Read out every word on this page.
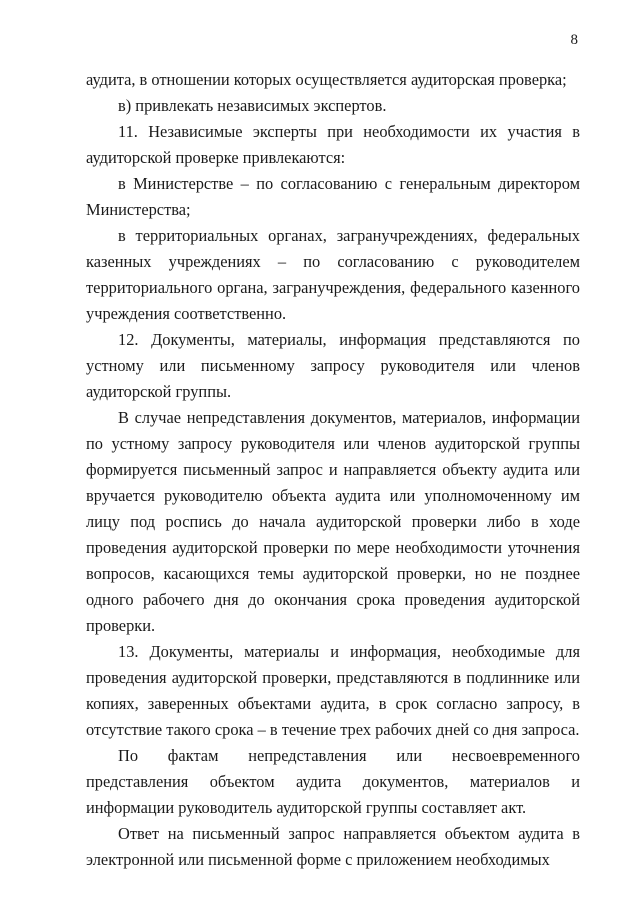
8

аудита, в отношении которых осуществляется аудиторская проверка;

в) привлекать независимых экспертов.

11. Независимые эксперты при необходимости их участия в аудиторской проверке привлекаются:

в Министерстве – по согласованию с генеральным директором Министерства;

в территориальных органах, загранучреждениях, федеральных казенных учреждениях – по согласованию с руководителем территориального органа, загранучреждения, федерального казенного учреждения соответственно.

12. Документы, материалы, информация представляются по устному или письменному запросу руководителя или членов аудиторской группы.

В случае непредставления документов, материалов, информации по устному запросу руководителя или членов аудиторской группы формируется письменный запрос и направляется объекту аудита или вручается руководителю объекта аудита или уполномоченному им лицу под роспись до начала аудиторской проверки либо в ходе проведения аудиторской проверки по мере необходимости уточнения вопросов, касающихся темы аудиторской проверки, но не позднее одного рабочего дня до окончания срока проведения аудиторской проверки.

13. Документы, материалы и информация, необходимые для проведения аудиторской проверки, представляются в подлиннике или копиях, заверенных объектами аудита, в срок согласно запросу, в отсутствие такого срока – в течение трех рабочих дней со дня запроса.

По фактам непредставления или несвоевременного представления объектом аудита документов, материалов и информации руководитель аудиторской группы составляет акт.

Ответ на письменный запрос направляется объектом аудита в электронной или письменной форме с приложением необходимых
